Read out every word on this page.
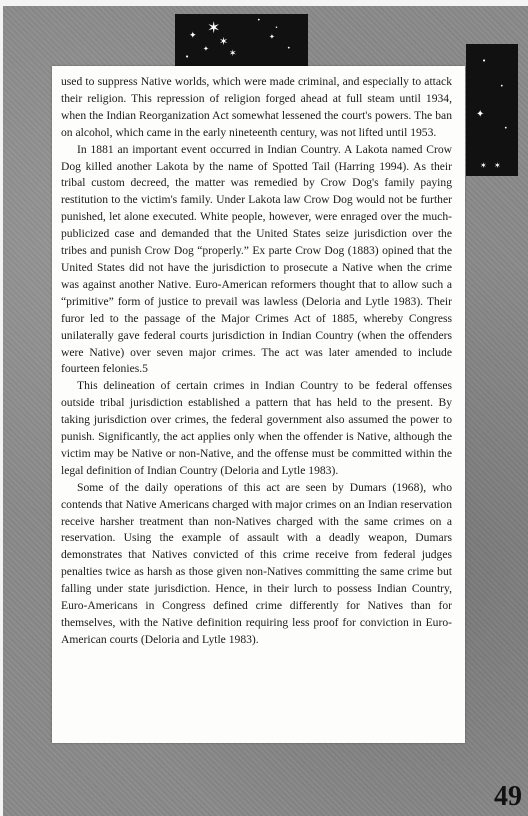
✶
✦ ✶
✦ ✶
•
•
✦
•
•
•
•
✦
•
✶ ✶

used to suppress Native worlds, which were made criminal, and especially to attack their religion. This repression of religion forged ahead at full steam until 1934, when the Indian Reorganization Act somewhat lessened the court's powers. The ban on alcohol, which came in the early nineteenth century, was not lifted until 1953.

In 1881 an important event occurred in Indian Country. A Lakota named Crow Dog killed another Lakota by the name of Spotted Tail (Harring 1994). As their tribal custom decreed, the matter was remedied by Crow Dog's family paying restitution to the victim's family. Under Lakota law Crow Dog would not be further punished, let alone executed. White people, however, were enraged over the much-publicized case and demanded that the United States seize jurisdiction over the tribes and punish Crow Dog “properly.” Ex parte Crow Dog (1883) opined that the United States did not have the jurisdiction to prosecute a Native when the crime was against another Native. Euro-American reformers thought that to allow such a “primitive” form of justice to prevail was lawless (Deloria and Lytle 1983). Their furor led to the passage of the Major Crimes Act of 1885, whereby Congress unilaterally gave federal courts jurisdiction in Indian Country (when the offenders were Native) over seven major crimes. The act was later amended to include fourteen felonies.5

This delineation of certain crimes in Indian Country to be federal offenses outside tribal jurisdiction established a pattern that has held to the present. By taking jurisdiction over crimes, the federal government also assumed the power to punish. Significantly, the act applies only when the offender is Native, although the victim may be Native or non-Native, and the offense must be committed within the legal definition of Indian Country (Deloria and Lytle 1983).

Some of the daily operations of this act are seen by Dumars (1968), who contends that Native Americans charged with major crimes on an Indian reservation receive harsher treatment than non-Natives charged with the same crimes on a reservation. Using the example of assault with a deadly weapon, Dumars demonstrates that Natives convicted of this crime receive from federal judges penalties twice as harsh as those given non-Natives committing the same crime but falling under state jurisdiction. Hence, in their lurch to possess Indian Country, Euro-Americans in Congress defined crime differently for Natives than for themselves, with the Native definition requiring less proof for conviction in Euro-American courts (Deloria and Lytle 1983).

49
